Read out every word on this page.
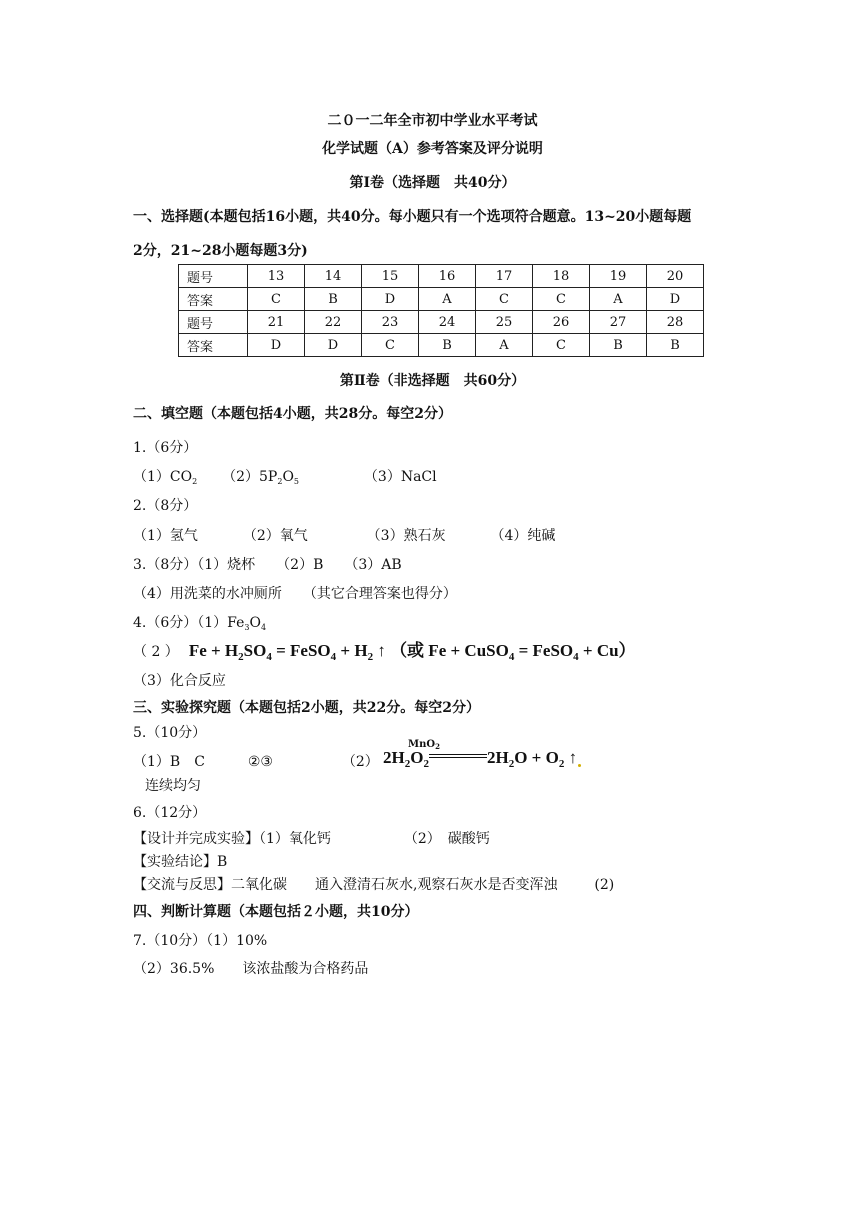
二０一二年全市初中学业水平考试
化学试题（A）参考答案及评分说明
第Ⅰ卷（选择题　共40分）
一、选择题(本题包括16小题，共40分。每小题只有一个选项符合题意。13~20小题每题
2分，21~28小题每题3分)
题号	13	14	15	16	17	18	19	20
答案	C	B	D	A	C	C	A	D
题号	21	22	23	24	25	26	27	28
答案	D	D	C	B	A	C	B	B
第Ⅱ卷（非选择题　共60分）
二、填空题（本题包括4小题，共28分。每空2分）
1.（6分）
$(1)CO_2$ $(2)5P_2O_5$	（3）NaCl
2.（8分）
（1）氢气	（2）氧气	（3）熟石灰	（4）纯碱
3.（8分）（1）烧杯　　（2）B　　（3）AB
（4）用洗菜的水冲厕所　　（其它合理答案也得分）
4.（6分）$(1)Fe_3O_4$
（ 2 ） $Fe + H_2SO_4$ = FeSO$_4$ + $H_2$ ↑ （或 Fe + CuSO$_4$ = FeSO$_4$ + Cu）
（3）化合反应
三、实验探究题（本题包括2小题，共22分。每空2分）
5.（10分）
（1）B　C	②③	（2）
MnO$_2$
$2H_2O_2$	$2H_2O + O_2$ ↑
连续均匀
6.（12分）
【设计并完成实验】（1）氧化钙	（2）　碳酸钙
【实验结论】B
【交流与反思】二氧化碳　　通入澄清石灰水,观察石灰水是否变浑浊	(2)
四、判断计算题（本题包括２小题，共10分）
7.（10分）（1）10%
（2）36.5%　　该浓盐酸为合格药品
